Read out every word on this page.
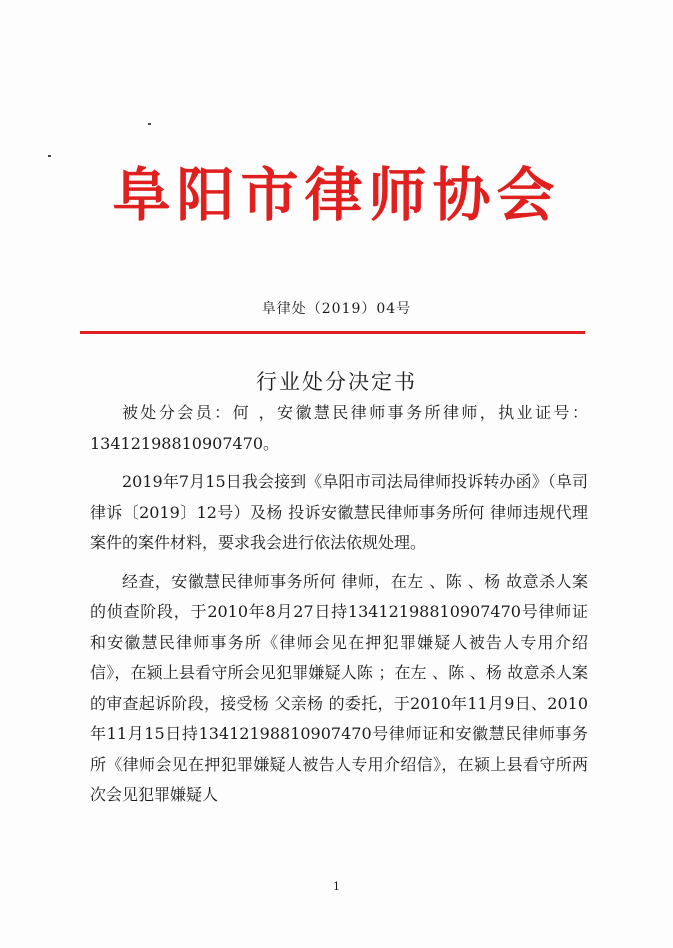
阜阳市律师协会
阜律处（2019）04号
行业处分决定书

被处分会员：何 ，安徽慧民律师事务所律师，执业证号：13412198810907470。

2019年7月15日我会接到《阜阳市司法局律师投诉转办函》（阜司律诉〔2019〕12号）及杨 投诉安徽慧民律师事务所何 律师违规代理案件的案件材料，要求我会进行依法依规处理。

经查，安徽慧民律师事务所何 律师，在左 、陈 、杨 故意杀人案的侦查阶段，于2010年8月27日持13412198810907470号律师证和安徽慧民律师事务所《律师会见在押犯罪嫌疑人被告人专用介绍信》，在颍上县看守所会见犯罪嫌疑人陈 ；在左 、陈 、杨 故意杀人案的审查起诉阶段，接受杨 父亲杨 的委托，于2010年11月9日、2010年11月15日持13412198810907470号律师证和安徽慧民律师事务所《律师会见在押犯罪嫌疑人被告人专用介绍信》，在颍上县看守所两次会见犯罪嫌疑人

1
